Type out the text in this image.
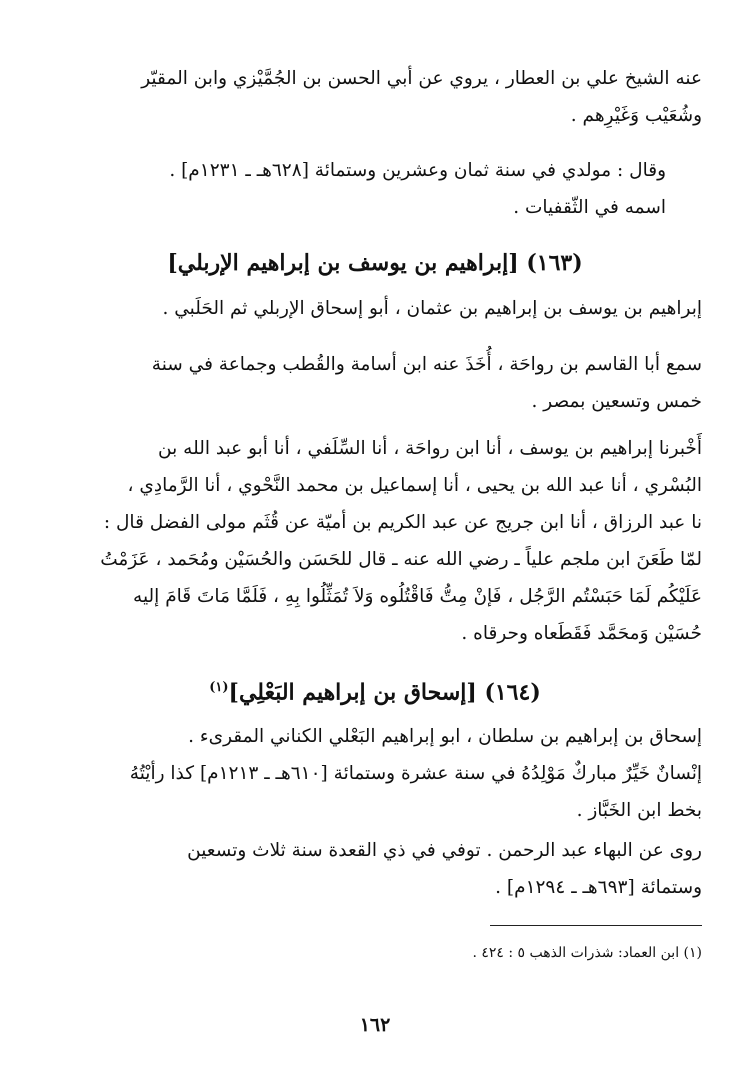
عنه الشيخ علي بن العطار ، يروي عن أبي الحسن بن الجُمَّيْزي وابن المقيّر
وشُعَيْب وَغَيْرِهم .

وقال : مولدي في سنة ثمان وعشرين وستمائة [٦٢٨هـ ـ ١٢٣١م] .
اسمه في الثّقفيات .

(١٦٣) [إبراهيم بن يوسف بن إبراهيم الإربلي]

إبراهيم بن يوسف بن إبراهيم بن عثمان ، أبو إسحاق الإربلي ثم الحَلَبي .

سمع أبا القاسم بن رواحَة ، أُخَذَ عنه ابن أسامة والقُطب وجماعة في سنة
خمس وتسعين بمصر .

أَخْبرنا إبراهيم بن يوسف ، أنا ابن رواحَة ، أنا السِّلَفي ، أنا أبو عبد الله بن
البُسْري ، أنا عبد الله بن يحيى ، أنا إسماعيل بن محمد النَّحْوي ، أنا الرَّمادِي ،
نا عبد الرزاق ، أنا ابن جريج عن عبد الكريم بن أميّة عن قُثَم مولى الفضل قال :
لمّا طَعَنَ ابن ملجم علياً ـ رضي الله عنه ـ قال للحَسَن والحُسَيْن ومُحَمد ، عَزَمْتُ
عَلَيْكُم لَمَا حَبَسْتُم الرَّجُل ، فَإنْ مِتُّ فَاقْتُلُوه وَلاَ تُمَثِّلُوا بِهِ ، فَلَمَّا مَاتَ قَامَ إليه
حُسَيْن وَمحَمَّد فَقَطَعاه وحرقاه .

(١٦٤) [إسحاق بن إبراهيم البَعْلِي]$^{(١)}$

إسحاق بن إبراهيم بن سلطان ، ابو إبراهيم البَعْلي الكناني المقرىء .
إنْسانٌ خَيِّرٌ مباركٌ مَوْلِدُهُ في سنة عشرة وستمائة [٦١٠هـ ـ ١٢١٣م] كذا رأيْتُهُ
بخط ابن الخَبَّاز .

روى عن البهاء عبد الرحمن . توفي في ذي القعدة سنة ثلاث وتسعين
وستمائة [٦٩٣هـ ـ ١٢٩٤م] .

(١) ابن العماد: شذرات الذهب ٥ : ٤٢٤ .

١٦٢
